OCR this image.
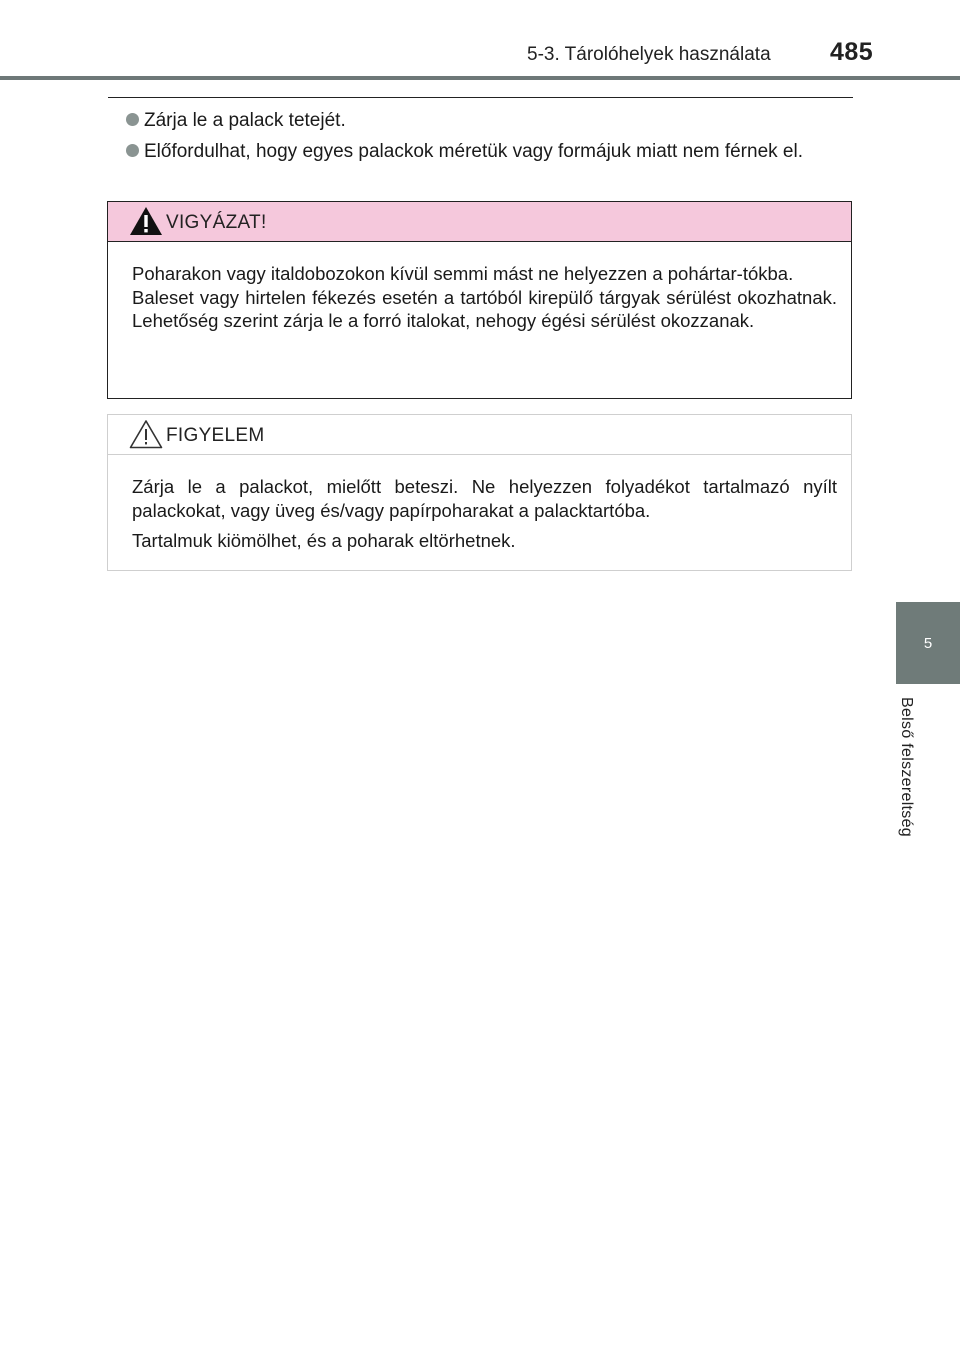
5-3. Tárolóhelyek használata 485
5
Belső felszereltség
Zárja le a palack tetejét.
Előfordulhat, hogy egyes palackok méretük vagy formájuk miatt nem férnek el.
VIGYÁZAT!

Poharakon vagy italdobozokon kívül semmi mást ne helyezzen a pohártar-tókba.

Baleset vagy hirtelen fékezés esetén a tartóból kirepülő tárgyak sérülést okozhatnak. Lehetőség szerint zárja le a forró italokat, nehogy égési sérülést okozzanak.

FIGYELEM

Zárja le a palackot, mielőtt beteszi. Ne helyezzen folyadékot tartalmazó nyílt palackokat, vagy üveg és/vagy papírpoharakat a palacktartóba.

Tartalmuk kiömölhet, és a poharak eltörhetnek.
